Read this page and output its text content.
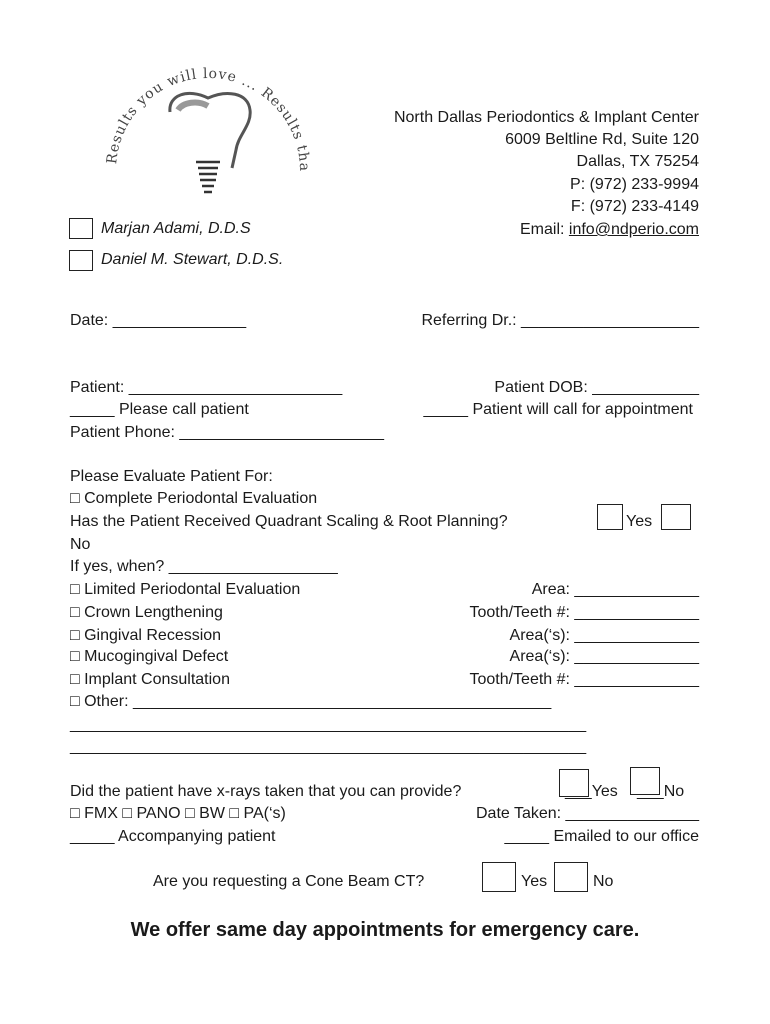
Results you will love ... Results tha
North Dallas Periodontics & Implant Center
6009 Beltline Rd, Suite 120
Dallas, TX 75254
P: (972) 233-9994
F: (972) 233-4149
Email: info@ndperio.com
Marjan Adami, D.D.S
Daniel M. Stewart, D.D.S.
Date: _______________	Referring Dr.: ____________________
Patient: ________________________	Patient DOB: ____________
_____ Please call patient	_____ Patient will call for appointment
Patient Phone: _______________________
Please Evaluate Patient For:
□ Complete Periodontal Evaluation
Has the Patient Received Quadrant Scaling & Root Planning?	Yes
No
If yes, when? ___________________
□ Limited Periodontal Evaluation	Area: ______________
□ Crown Lengthening	Tooth/Teeth #: ______________
□ Gingival Recession	Area(‘s): ______________
□ Mucogingival Defect	Area(‘s): ______________
□ Implant Consultation	Tooth/Teeth #: ______________
□ Other: _______________________________________________
__________________________________________________________
__________________________________________________________
Did the patient have x-rays taken that you can provide?	___Yes ___No
□ FMX □ PANO □ BW □ PA(‘s)	Date Taken: _______________
_____ Accompanying patient	_____ Emailed to our office
Are you requesting a Cone Beam CT?	Yes	No
We offer same day appointments for emergency care.
